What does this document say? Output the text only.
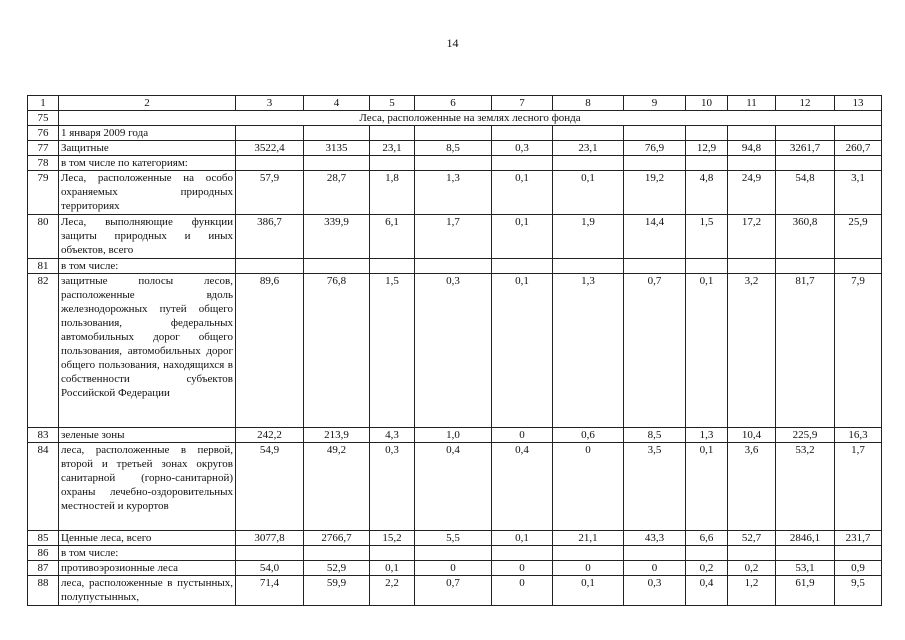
14
1	2	3	4	5	6	7	8	9	10	11	12	13
75	Леса, расположенные на землях лесного фонда											
76	1 января 2009 года											
77	Защитные	3522,4	3135	23,1	8,5	0,3	23,1	76,9	12,9	94,8	3261,7	260,7
78	в том числе по категориям:											
79	Леса, расположенные на особо охраняемых природных территориях	57,9	28,7	1,8	1,3	0,1	0,1	19,2	4,8	24,9	54,8	3,1
80	Леса, выполняющие функции защиты природных и иных объектов, всего	386,7	339,9	6,1	1,7	0,1	1,9	14,4	1,5	17,2	360,8	25,9
81	в том числе:											
82	защитные полосы лесов, расположенные вдоль железнодорожных путей общего пользования, федеральных автомобильных дорог общего пользования, автомобильных дорог общего пользования, находящихся в собственности субъектов Российской Федерации	89,6	76,8	1,5	0,3	0,1	1,3	0,7	0,1	3,2	81,7	7,9
83	зеленые зоны	242,2	213,9	4,3	1,0	0	0,6	8,5	1,3	10,4	225,9	16,3
84	леса, расположенные в первой, второй и третьей зонах округов санитарной (горно-санитарной) охраны лечебно-оздоровительных местностей и курортов	54,9	49,2	0,3	0,4	0,4	0	3,5	0,1	3,6	53,2	1,7
85	Ценные леса, всего	3077,8	2766,7	15,2	5,5	0,1	21,1	43,3	6,6	52,7	2846,1	231,7
86	в том числе:											
87	противоэрозионные леса	54,0	52,9	0,1	0	0	0	0	0,2	0,2	53,1	0,9
88	леса, расположенные в пустынных, полупустынных,	71,4	59,9	2,2	0,7	0	0,1	0,3	0,4	1,2	61,9	9,5
